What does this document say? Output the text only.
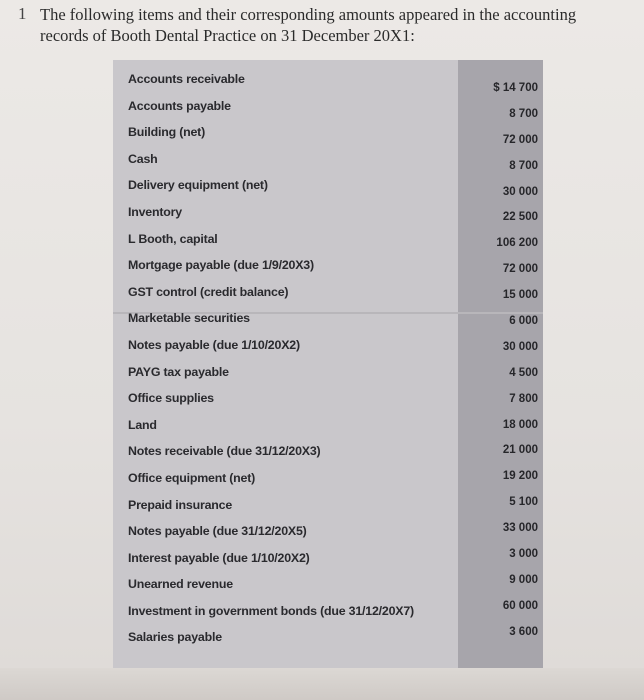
1 The following items and their corresponding amounts appeared in the accounting
records of Booth Dental Practice on 31 December 20X1:
Accounts receivable
Accounts payable
Building (net)
Cash
Delivery equipment (net)
Inventory
L Booth, capital
Mortgage payable (due 1/9/20X3)
GST control (credit balance)
Marketable securities
Notes payable (due 1/10/20X2)
PAYG tax payable
Office supplies
Land
Notes receivable (due 31/12/20X3)
Office equipment (net)
Prepaid insurance
Notes payable (due 31/12/20X5)
Interest payable (due 1/10/20X2)
Unearned revenue
Investment in government bonds (due 31/12/20X7)
Salaries payable
$ 14 700
8 700
72 000
8 700
30 000
22 500
106 200
72 000
15 000
6 000
30 000
4 500
7 800
18 000
21 000
19 200
5 100
33 000
3 000
9 000
60 000
3 600
